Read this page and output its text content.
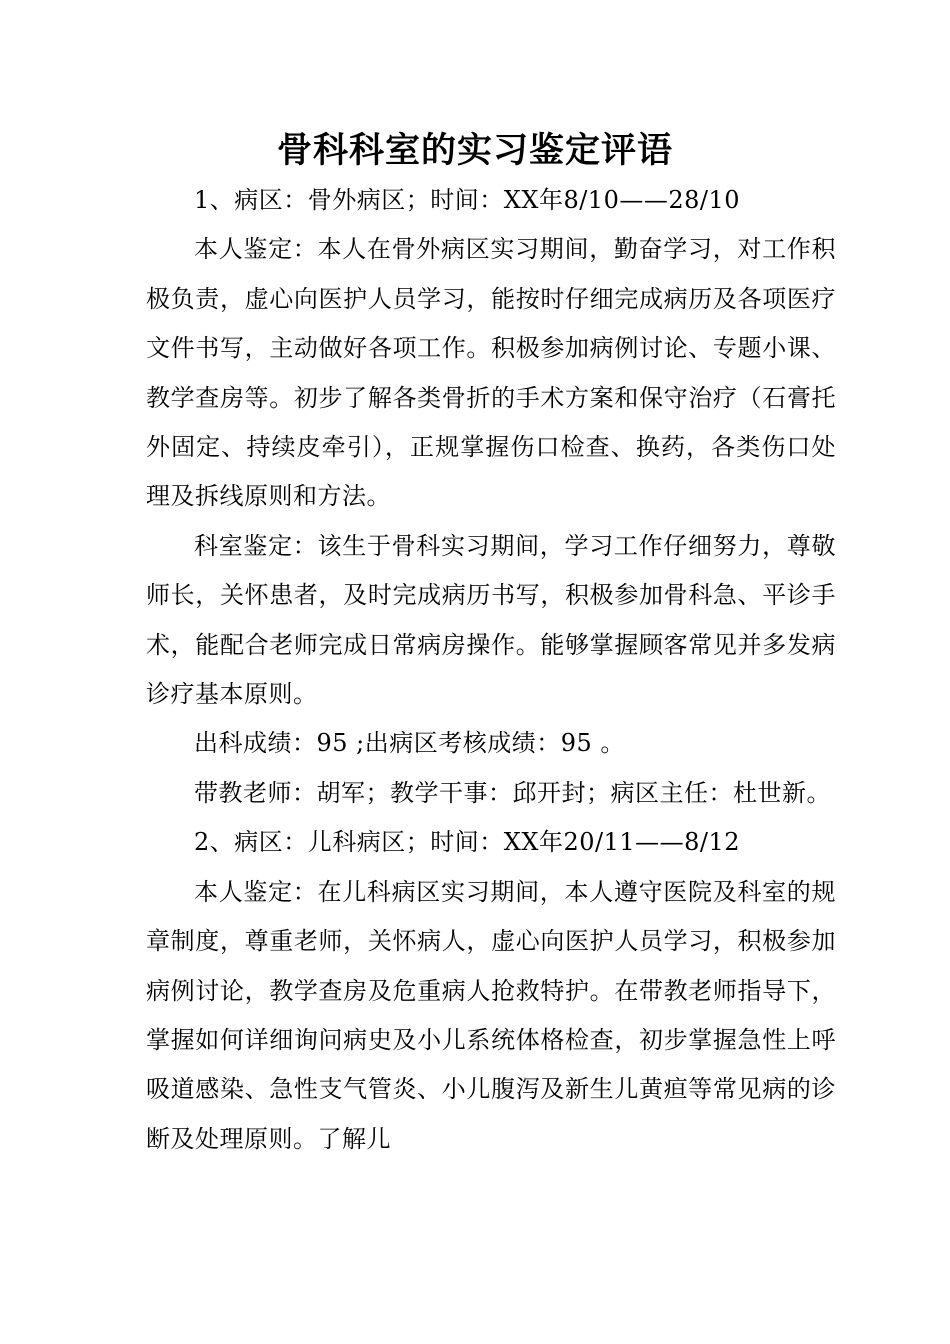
骨科科室的实习鉴定评语

1、病区：骨外病区；时间：XX年8/10——28/10

本人鉴定：本人在骨外病区实习期间，勤奋学习，对工作积极负责，虚心向医护人员学习，能按时仔细完成病历及各项医疗文件书写，主动做好各项工作。积极参加病例讨论、专题小课、教学查房等。初步了解各类骨折的手术方案和保守治疗（石膏托外固定、持续皮牵引），正规掌握伤口检查、换药，各类伤口处理及拆线原则和方法。

科室鉴定：该生于骨科实习期间，学习工作仔细努力，尊敬师长，关怀患者，及时完成病历书写，积极参加骨科急、平诊手术，能配合老师完成日常病房操作。能够掌握顾客常见并多发病诊疗基本原则。

出科成绩：95 ;出病区考核成绩：95 。

带教老师：胡军；教学干事：邱开封；病区主任：杜世新。

2、病区：儿科病区；时间：XX年20/11——8/12

本人鉴定：在儿科病区实习期间，本人遵守医院及科室的规章制度，尊重老师，关怀病人，虚心向医护人员学习，积极参加病例讨论，教学查房及危重病人抢救特护。在带教老师指导下，掌握如何详细询问病史及小儿系统体格检查，初步掌握急性上呼吸道感染、急性支气管炎、小儿腹泻及新生儿黄疸等常见病的诊断及处理原则。了解儿
